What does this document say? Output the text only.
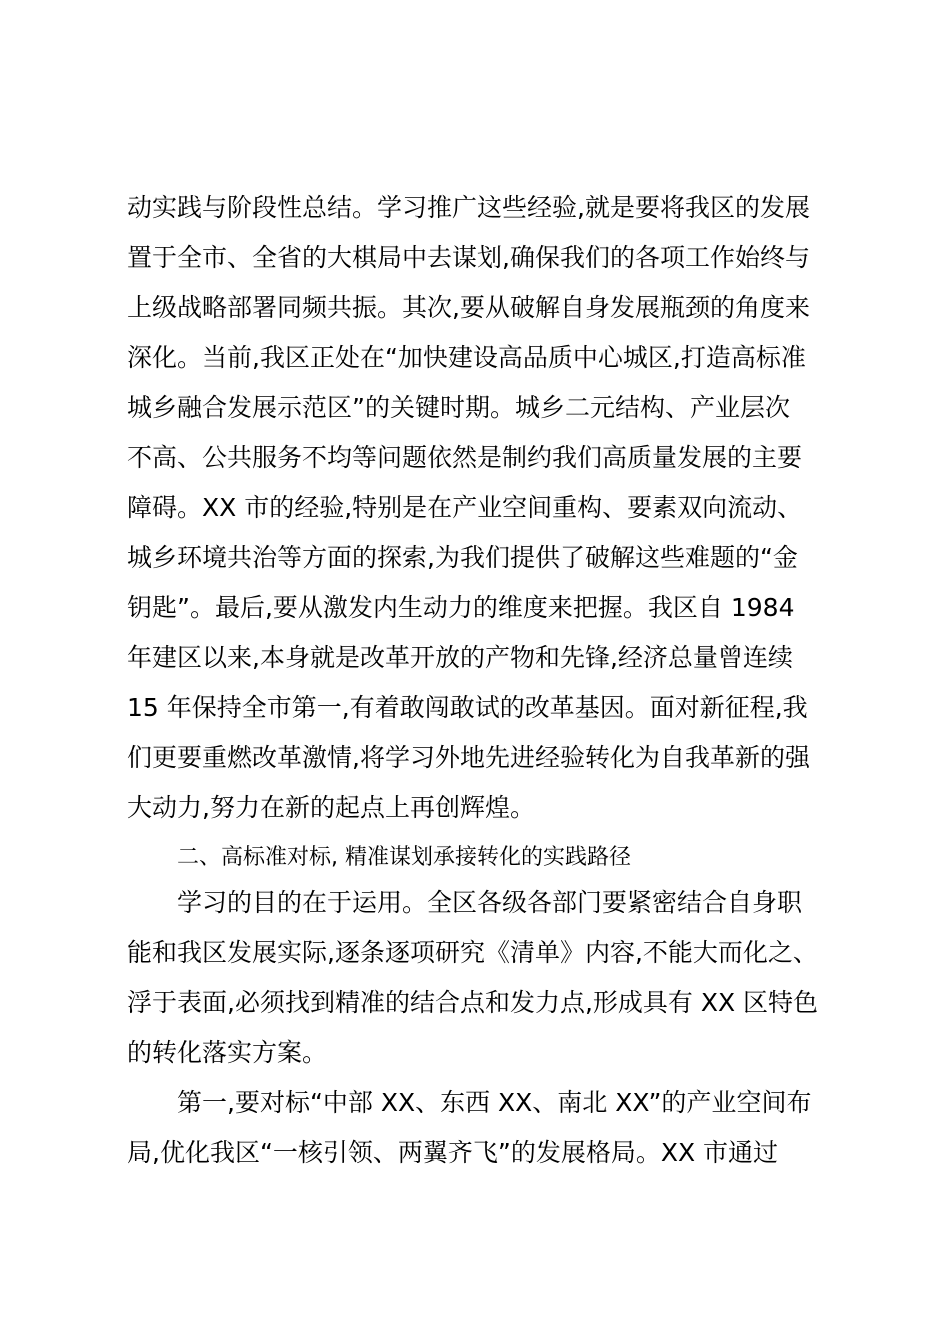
动实践与阶段性总结。学习推广这些经验,就是要将我区的发展
置于全市、全省的大棋局中去谋划,确保我们的各项工作始终与
上级战略部署同频共振。其次,要从破解自身发展瓶颈的角度来
深化。当前,我区正处在“加快建设高品质中心城区,打造高标准
城乡融合发展示范区”的关键时期。城乡二元结构、产业层次
不高、公共服务不均等问题依然是制约我们高质量发展的主要
障碍。XX 市的经验,特别是在产业空间重构、要素双向流动、
城乡环境共治等方面的探索,为我们提供了破解这些难题的“金
钥匙”。最后,要从激发内生动力的维度来把握。我区自 1984
年建区以来,本身就是改革开放的产物和先锋,经济总量曾连续
15 年保持全市第一,有着敢闯敢试的改革基因。面对新征程,我
们更要重燃改革激情,将学习外地先进经验转化为自我革新的强
大动力,努力在新的起点上再创辉煌。
二、高标准对标, 精准谋划承接转化的实践路径
学习的目的在于运用。全区各级各部门要紧密结合自身职
能和我区发展实际,逐条逐项研究《清单》内容,不能大而化之、
浮于表面,必须找到精准的结合点和发力点,形成具有 XX 区特色
的转化落实方案。
第一,要对标“中部 XX、东西 XX、南北 XX”的产业空间布
局,优化我区“一核引领、两翼齐飞”的发展格局。XX 市通过
